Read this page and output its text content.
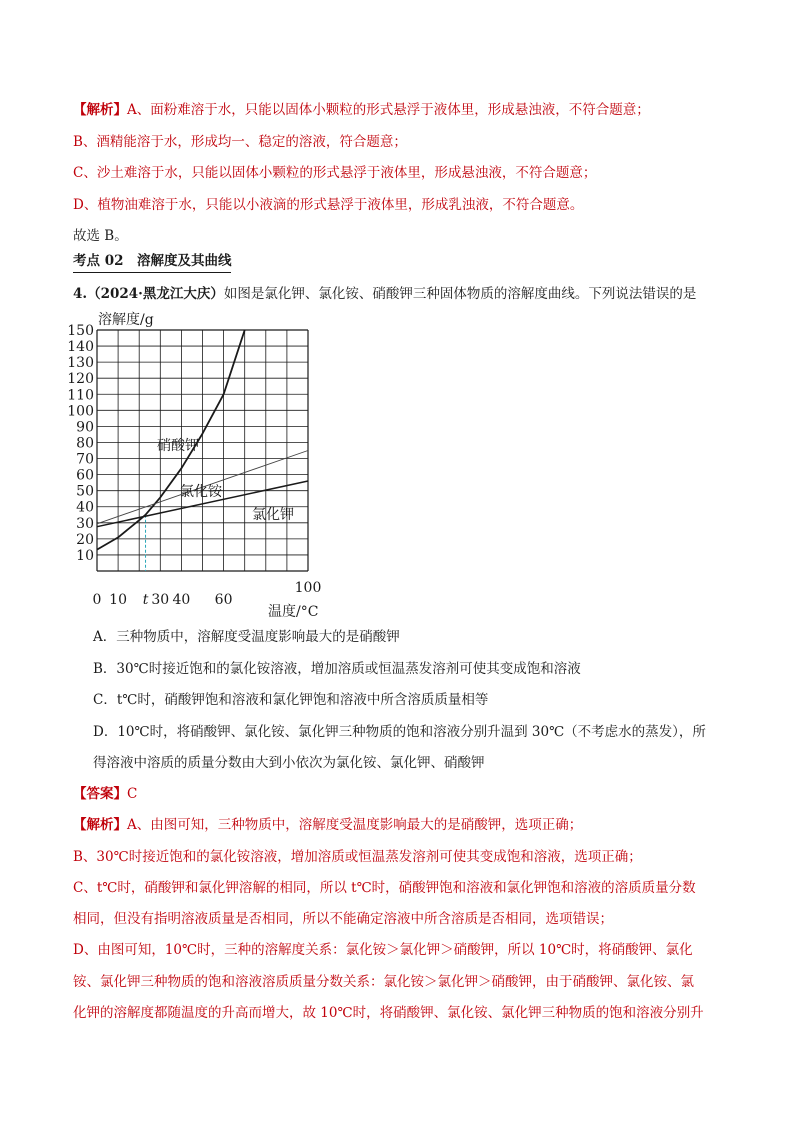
【解析】A、面粉难溶于水，只能以固体小颗粒的形式悬浮于液体里，形成悬浊液，不符合题意；
B、酒精能溶于水，形成均一、稳定的溶液，符合题意；
C、沙土难溶于水，只能以固体小颗粒的形式悬浮于液体里，形成悬浊液，不符合题意；
D、植物油难溶于水，只能以小液滴的形式悬浮于液体里，形成乳浊液，不符合题意。
故选 B。
考点 02　溶解度及其曲线
4.（2024·黑龙江大庆）如图是氯化钾、氯化铵、硝酸钾三种固体物质的溶解度曲线。下列说法错误的是
10
20
30
40
50
60
70
80
90
100
110
120
130
140
150
0 10 t 30 40 60
100
溶解度/g
温度/°C
硝酸钾
氯化铵
氯化钾
A．三种物质中，溶解度受温度影响最大的是硝酸钾
B．30℃时接近饱和的氯化铵溶液，增加溶质或恒温蒸发溶剂可使其变成饱和溶液
C．t℃时，硝酸钾饱和溶液和氯化钾饱和溶液中所含溶质质量相等
D．10℃时，将硝酸钾、氯化铵、氯化钾三种物质的饱和溶液分别升温到 30℃（不考虑水的蒸发），所
得溶液中溶质的质量分数由大到小依次为氯化铵、氯化钾、硝酸钾
【答案】C
【解析】A、由图可知，三种物质中，溶解度受温度影响最大的是硝酸钾，选项正确；
B、30℃时接近饱和的氯化铵溶液，增加溶质或恒温蒸发溶剂可使其变成饱和溶液，选项正确；
C、t℃时，硝酸钾和氯化钾溶解的相同，所以 t℃时，硝酸钾饱和溶液和氯化钾饱和溶液的溶质质量分数
相同，但没有指明溶液质量是否相同，所以不能确定溶液中所含溶质是否相同，选项错误；
D、由图可知，10℃时，三种的溶解度关系：氯化铵＞氯化钾＞硝酸钾，所以 10℃时，将硝酸钾、氯化
铵、氯化钾三种物质的饱和溶液溶质质量分数关系：氯化铵＞氯化钾＞硝酸钾，由于硝酸钾、氯化铵、氯
化钾的溶解度都随温度的升高而增大，故 10℃时，将硝酸钾、氯化铵、氯化钾三种物质的饱和溶液分别升
